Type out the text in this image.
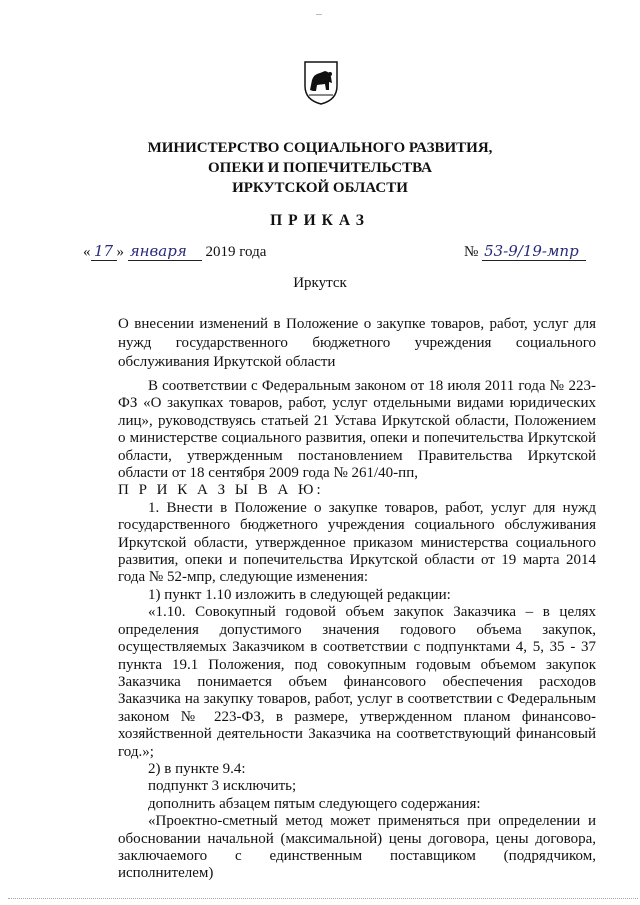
МИНИСТЕРСТВО СОЦИАЛЬНОГО РАЗВИТИЯ,
ОПЕКИ И ПОПЕЧИТЕЛЬСТВА
ИРКУТСКОЙ ОБЛАСТИ
ПРИКАЗ
« 17 » января 2019 года	№ 53-9/19-мпр
Иркутск
О внесении изменений в Положение о закупке товаров, работ, услуг для нужд государственного бюджетного учреждения социального обслуживания Иркутской области

В соответствии с Федеральным законом от 18 июля 2011 года № 223-ФЗ «О закупках товаров, работ, услуг отдельными видами юридических лиц», руководствуясь статьей 21 Устава Иркутской области, Положением о министерстве социального развития, опеки и попечительства Иркутской области, утвержденным постановлением Правительства Иркутской области от 18 сентября 2009 года № 261/40-пп,

П Р И К А З Ы В А Ю:

1. Внести в Положение о закупке товаров, работ, услуг для нужд государственного бюджетного учреждения социального обслуживания Иркутской области, утвержденное приказом министерства социального развития, опеки и попечительства Иркутской области от 19 марта 2014 года № 52-мпр, следующие изменения:

1) пункт 1.10 изложить в следующей редакции:

«1.10. Совокупный годовой объем закупок Заказчика – в целях определения допустимого значения годового объема закупок, осуществляемых Заказчиком в соответствии с подпунктами 4, 5, 35 - 37 пункта 19.1 Положения, под совокупным годовым объемом закупок Заказчика понимается объем финансового обеспечения расходов Заказчика на закупку товаров, работ, услуг в соответствии с Федеральным законом № 223-ФЗ, в размере, утвержденном планом финансово-хозяйственной деятельности Заказчика на соответствующий финансовый год.»;

2) в пункте 9.4:

подпункт 3 исключить;

дополнить абзацем пятым следующего содержания:

«Проектно-сметный метод может применяться при определении и обосновании начальной (максимальной) цены договора, цены договора, заключаемого с единственным поставщиком (подрядчиком, исполнителем)
